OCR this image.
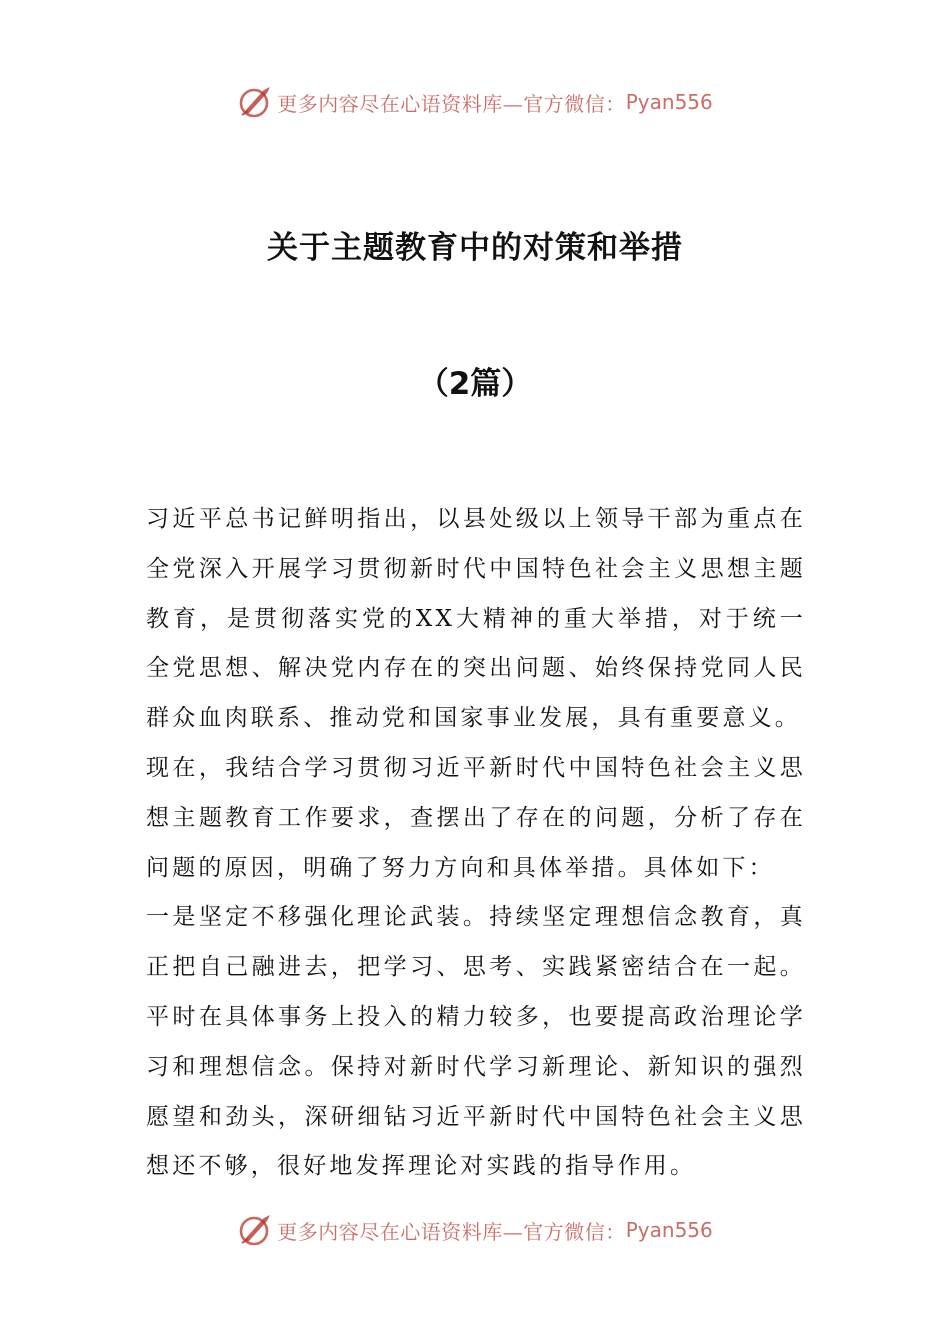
更多内容尽在心语资料库—官方微信： Pyan556
关于主题教育中的对策和举措
（2篇）

习近平总书记鲜明指出，以县处级以上领导干部为重点在全党深入开展学习贯彻新时代中国特色社会主义思想主题教育，是贯彻落实党的XX大精神的重大举措，对于统一全党思想、解决党内存在的突出问题、始终保持党同人民群众血肉联系、推动党和国家事业发展，具有重要意义。

现在，我结合学习贯彻习近平新时代中国特色社会主义思想主题教育工作要求，查摆出了存在的问题，分析了存在问题的原因，明确了努力方向和具体举措。具体如下：

一是坚定不移强化理论武装。持续坚定理想信念教育，真正把自己融进去，把学习、思考、实践紧密结合在一起。平时在具体事务上投入的精力较多，也要提高政治理论学习和理想信念。保持对新时代学习新理论、新知识的强烈愿望和劲头，深研细钻习近平新时代中国特色社会主义思想还不够，很好地发挥理论对实践的指导作用。

更多内容尽在心语资料库—官方微信： Pyan556
